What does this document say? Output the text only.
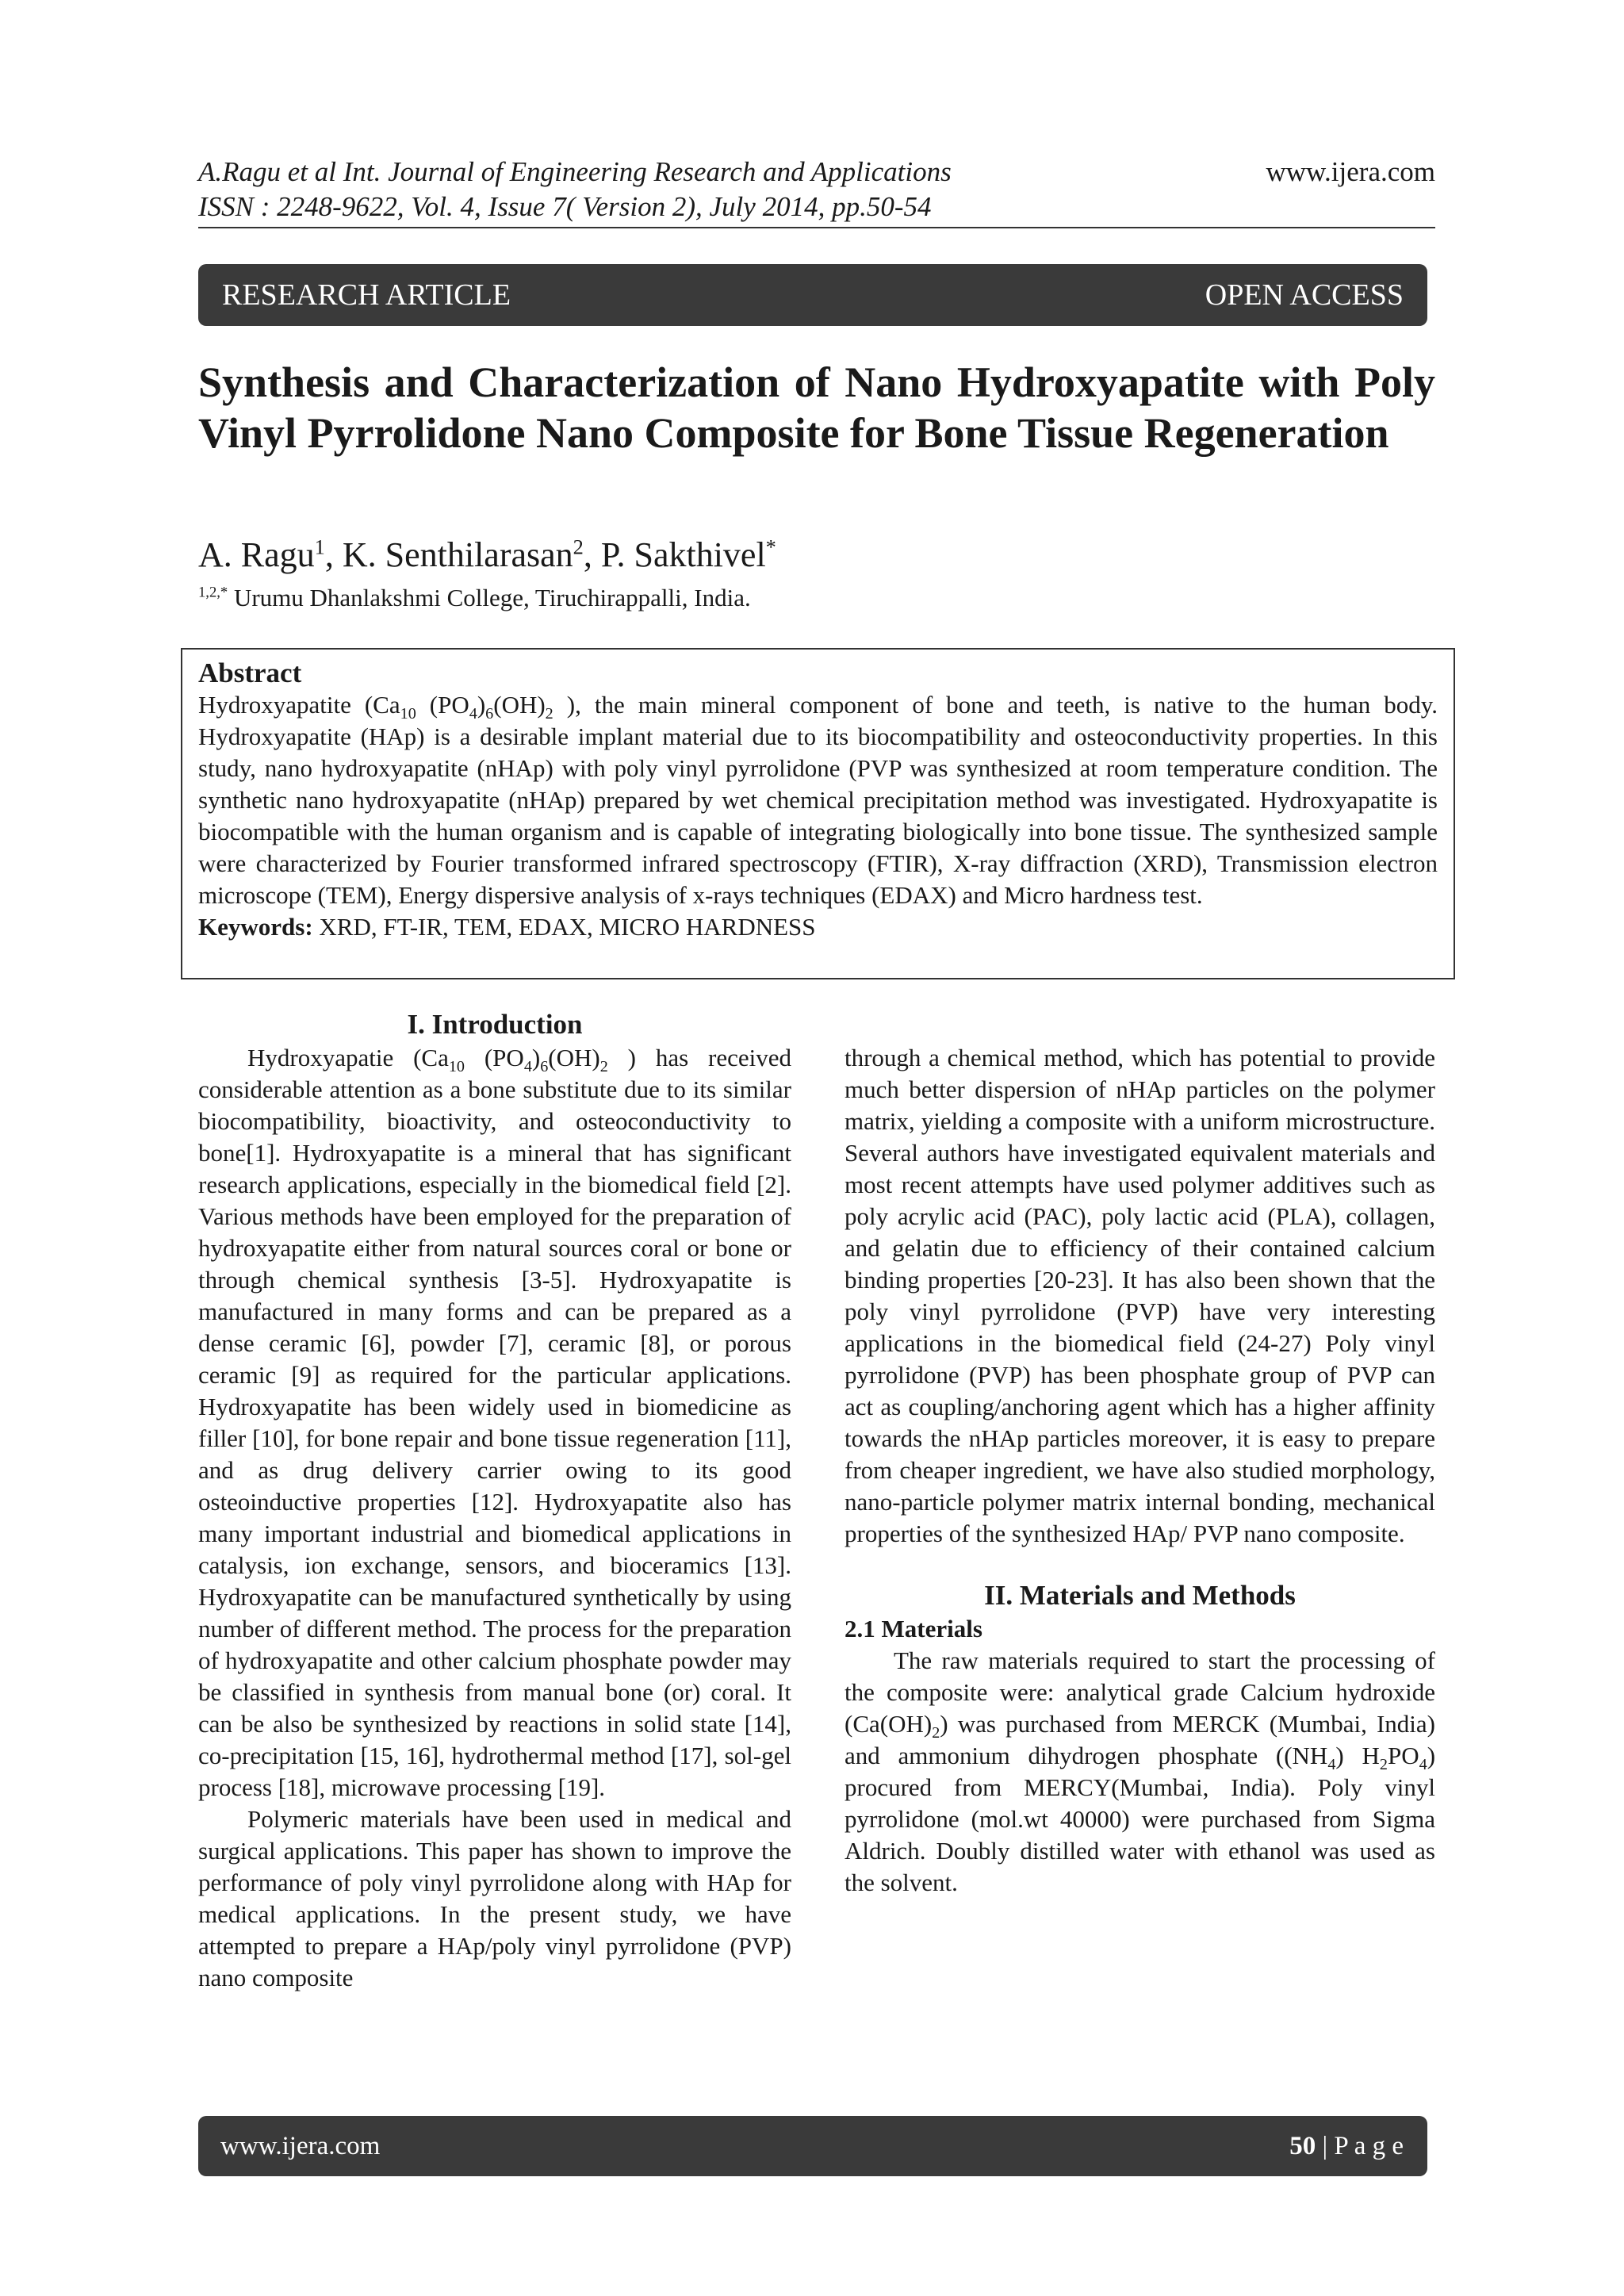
A.Ragu et al Int. Journal of Engineering Research and Applications	www.ijera.com
ISSN : 2248-9622, Vol. 4, Issue 7( Version 2), July 2014, pp.50-54
RESEARCH ARTICLE	OPEN ACCESS
Synthesis and Characterization of Nano Hydroxyapatite with Poly Vinyl Pyrrolidone Nano Composite for Bone Tissue Regeneration
A. Ragu$^1$, K. Senthilarasan$^2$, P. Sakthivel*
$^{1,2,*}$ Urumu Dhanlakshmi College, Tiruchirappalli, India.
Abstract
Hydroxyapatite ($Ca_{10}$ $(PO_4)_6(OH)_2$ ), the main mineral component of bone and teeth, is native to the human body. Hydroxyapatite (HAp) is a desirable implant material due to its biocompatibility and osteoconductivity properties. In this study, nano hydroxyapatite (nHAp) with poly vinyl pyrrolidone (PVP was synthesized at room temperature condition. The synthetic nano hydroxyapatite (nHAp) prepared by wet chemical precipitation method was investigated. Hydroxyapatite is biocompatible with the human organism and is capable of integrating biologically into bone tissue. The synthesized sample were characterized by Fourier transformed infrared spectroscopy (FTIR), X-ray diffraction (XRD), Transmission electron microscope (TEM), Energy dispersive analysis of x-rays techniques (EDAX) and Micro hardness test.
Keywords: XRD, FT-IR, TEM, EDAX, MICRO HARDNESS
I. Introduction

Hydroxyapatie ($Ca_{10}$ $(PO_4)_6(OH)_2$ ) has received considerable attention as a bone substitute due to its similar biocompatibility, bioactivity, and osteoconductivity to bone[1]. Hydroxyapatite is a mineral that has significant research applications, especially in the biomedical field [2]. Various methods have been employed for the preparation of hydroxyapatite either from natural sources coral or bone or through chemical synthesis [3-5]. Hydroxyapatite is manufactured in many forms and can be prepared as a dense ceramic [6], powder [7], ceramic [8], or porous ceramic [9] as required for the particular applications. Hydroxyapatite has been widely used in biomedicine as filler [10], for bone repair and bone tissue regeneration [11], and as drug delivery carrier owing to its good osteoinductive properties [12]. Hydroxyapatite also has many important industrial and biomedical applications in catalysis, ion exchange, sensors, and bioceramics [13]. Hydroxyapatite can be manufactured synthetically by using number of different method. The process for the preparation of hydroxyapatite and other calcium phosphate powder may be classified in synthesis from manual bone (or) coral. It can be also be synthesized by reactions in solid state [14], co-precipitation [15, 16], hydrothermal method [17], sol-gel process [18], microwave processing [19].

Polymeric materials have been used in medical and surgical applications. This paper has shown to improve the performance of poly vinyl pyrrolidone along with HAp for medical applications. In the present study, we have attempted to prepare a HAp/poly vinyl pyrrolidone (PVP) nano composite

through a chemical method, which has potential to provide much better dispersion of nHAp particles on the polymer matrix, yielding a composite with a uniform microstructure. Several authors have investigated equivalent materials and most recent attempts have used polymer additives such as poly acrylic acid (PAC), poly lactic acid (PLA), collagen, and gelatin due to efficiency of their contained calcium binding properties [20-23]. It has also been shown that the poly vinyl pyrrolidone (PVP) have very interesting applications in the biomedical field (24-27) Poly vinyl pyrrolidone (PVP) has been phosphate group of PVP can act as coupling/anchoring agent which has a higher affinity towards the nHAp particles moreover, it is easy to prepare from cheaper ingredient, we have also studied morphology, nano-particle polymer matrix internal bonding, mechanical properties of the synthesized HAp/ PVP nano composite.

II. Materials and Methods
2.1 Materials

The raw materials required to start the processing of the composite were: analytical grade Calcium hydroxide $(Ca(OH)_2)$ was purchased from MERCK (Mumbai, India) and ammonium dihydrogen phosphate ($(NH_4)$ $H_2PO_4$) procured from MERCY(Mumbai, India). Poly vinyl pyrrolidone (mol.wt 40000) were purchased from Sigma Aldrich. Doubly distilled water with ethanol was used as the solvent.

www.ijera.com	50 | P a g e
